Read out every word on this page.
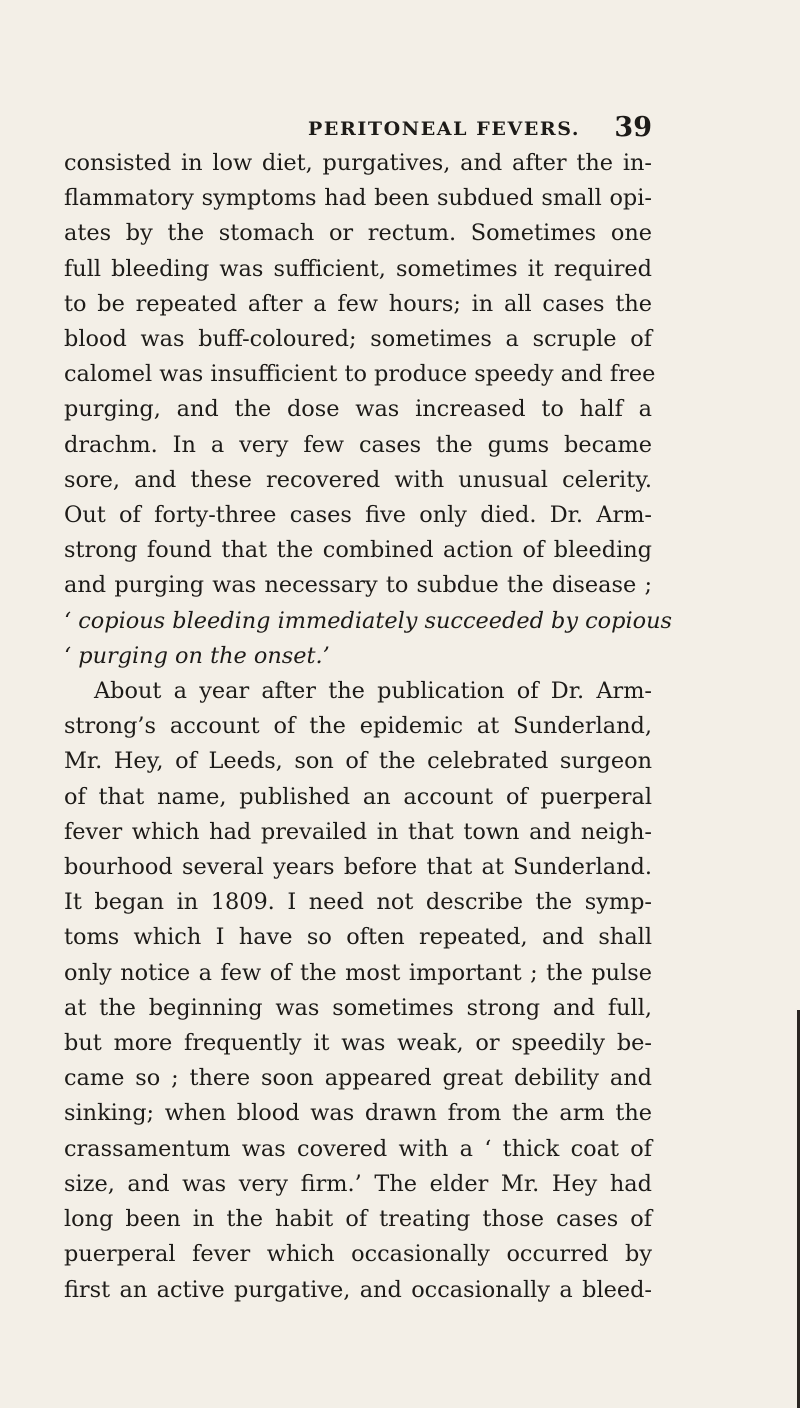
PERITONEAL FEVERS. 39
consisted in low diet, purgatives, and after the in-
flammatory symptoms had been subdued small opi-
ates by the stomach or rectum. Sometimes one
full bleeding was sufficient, sometimes it required
to be repeated after a few hours; in all cases the
blood was buff-coloured; sometimes a scruple of
calomel was insufficient to produce speedy and free
purging, and the dose was increased to half a
drachm. In a very few cases the gums became
sore, and these recovered with unusual celerity.
Out of forty-three cases five only died. Dr. Arm-
strong found that the combined action of bleeding
and purging was necessary to subdue the disease ;
‘ copious bleeding immediately succeeded by copious
‘ purging on the onset.’
About a year after the publication of Dr. Arm-
strong’s account of the epidemic at Sunderland,
Mr. Hey, of Leeds, son of the celebrated surgeon
of that name, published an account of puerperal
fever which had prevailed in that town and neigh-
bourhood several years before that at Sunderland.
It began in 1809. I need not describe the symp-
toms which I have so often repeated, and shall
only notice a few of the most important ; the pulse
at the beginning was sometimes strong and full,
but more frequently it was weak, or speedily be-
came so ; there soon appeared great debility and
sinking; when blood was drawn from the arm the
crassamentum was covered with a ‘ thick coat of
size, and was very firm.’ The elder Mr. Hey had
long been in the habit of treating those cases of
puerperal fever which occasionally occurred by
first an active purgative, and occasionally a bleed-
